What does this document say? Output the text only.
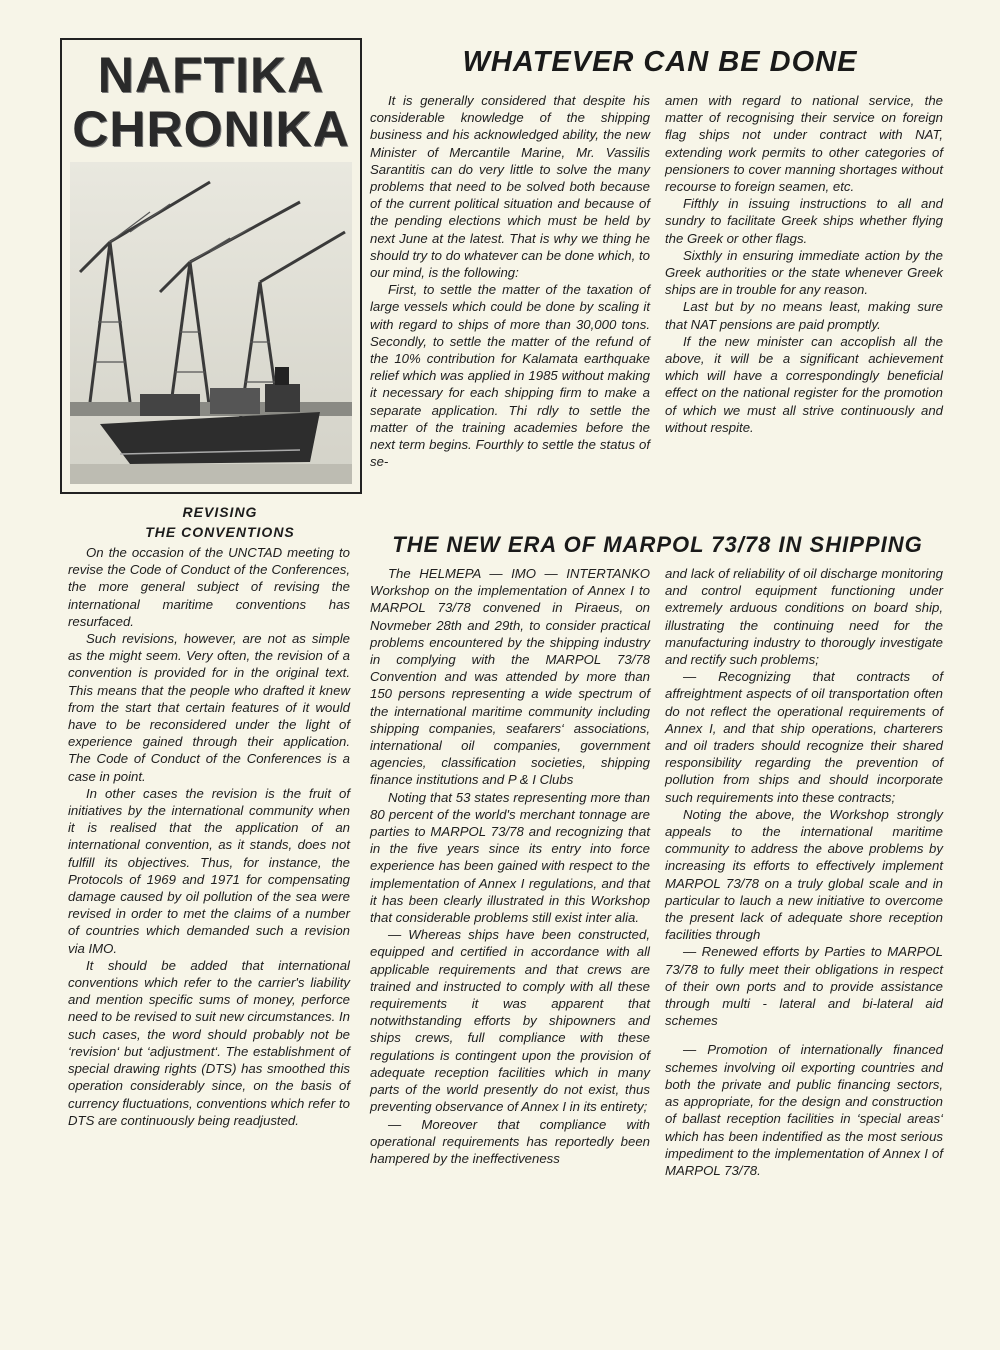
NAFTIKA
CHRONIKA
WHATEVER CAN BE DONE

It is generally considered that despite his considerable knowledge of the shipping business and his acknowledged ability, the new Minister of Mercantile Marine, Mr. Vassilis Sarantitis can do very little to solve the many problems that need to be solved both because of the current political situation and because of the pending elections which must be held by next June at the latest. That is why we thing he should try to do whatever can be done which, to our mind, is the following:

First, to settle the matter of the taxation of large vessels which could be done by scaling it with regard to ships of more than 30,000 tons. Secondly, to settle the matter of the refund of the 10% contribution for Kalamata earthquake relief which was applied in 1985 without making it necessary for each shipping firm to make a separate application. Thi rdly to settle the matter of the training academies before the next term begins. Fourthly to settle the status of se-

amen with regard to national service, the matter of recognising their service on foreign flag ships not under contract with NAT, extending work permits to other categories of pensioners to cover manning shortages without recourse to foreign seamen, etc.

Fifthly in issuing instructions to all and sundry to facilitate Greek ships whether flying the Greek or other flags.

Sixthly in ensuring immediate action by the Greek authorities or the state whenever Greek ships are in trouble for any reason.

Last but by no means least, making sure that NAT pensions are paid promptly.

If the new minister can accoplish all the above, it will be a significant achievement which will have a correspondingly beneficial effect on the national register for the promotion of which we must all strive continuously and without respite.

REVISING
THE CONVENTIONS

On the occasion of the UNCTAD meeting to revise the Code of Conduct of the Conferences, the more general subject of revising the international maritime conventions has resurfaced.

Such revisions, however, are not as simple as the might seem. Very often, the revision of a convention is provided for in the original text. This means that the people who drafted it knew from the start that certain features of it would have to be reconsidered under the light of experience gained through their application. The Code of Conduct of the Conferences is a case in point.

In other cases the revision is the fruit of initiatives by the international community when it is realised that the application of an international convention, as it stands, does not fulfill its objectives. Thus, for instance, the Protocols of 1969 and 1971 for compensating damage caused by oil pollution of the sea were revised in order to met the claims of a number of countries which demanded such a revision via IMO.

It should be added that international conventions which refer to the carrier's liability and mention specific sums of money, perforce need to be revised to suit new circumstances. In such cases, the word should probably not be ‘revision‘ but ‘adjustment‘. The establishment of special drawing rights (DTS) has smoothed this operation considerably since, on the basis of currency fluctuations, conventions which refer to DTS are continuously being readjusted.

THE NEW ERA OF MARPOL 73/78 IN SHIPPING

The HELMEPA — IMO — INTERTANKO Workshop on the implementation of Annex I to MARPOL 73/78 convened in Piraeus, on Novmeber 28th and 29th, to consider practical problems encountered by the shipping industry in complying with the MARPOL 73/78 Convention and was attended by more than 150 persons representing a wide spectrum of the international maritime community including shipping companies, seafarers‘ associations, international oil companies, government agencies, classification societies, shipping finance institutions and P & I Clubs

Noting that 53 states representing more than 80 percent of the world's merchant tonnage are parties to MARPOL 73/78 and recognizing that in the five years since its entry into force experience has been gained with respect to the implementation of Annex I regulations, and that it has been clearly illustrated in this Workshop that considerable problems still exist inter alia.

— Whereas ships have been constructed, equipped and certified in accordance with all applicable requirements and that crews are trained and instructed to comply with all these requirements it was apparent that notwithstanding efforts by shipowners and ships crews, full compliance with these regulations is contingent upon the provision of adequate reception facilities which in many parts of the world presently do not exist, thus preventing observance of Annex I in its entirety;

— Moreover that compliance with operational requirements has reportedly been hampered by the ineffectiveness

and lack of reliability of oil discharge monitoring and control equipment functioning under extremely arduous conditions on board ship, illustrating the continuing need for the manufacturing industry to thorougly investigate and rectify such problems;

— Recognizing that contracts of affreightment aspects of oil transportation often do not reflect the operational requirements of Annex I, and that ship operations, charterers and oil traders should recognize their shared responsibility regarding the prevention of pollution from ships and should incorporate such requirements into these contracts;

Noting the above, the Workshop strongly appeals to the international maritime community to address the above problems by increasing its efforts to effectively implement MARPOL 73/78 on a truly global scale and in particular to lauch a new initiative to overcome the present lack of adequate shore reception facilities through

— Renewed efforts by Parties to MARPOL 73/78 to fully meet their obligations in respect of their own ports and to provide assistance through multi - lateral and bi-lateral aid schemes

— Promotion of internationally financed schemes involving oil exporting countries and both the private and public financing sectors, as appropriate, for the design and construction of ballast reception facilities in ‘special areas‘ which has been indentified as the most serious impediment to the implementation of Annex I of MARPOL 73/78.
